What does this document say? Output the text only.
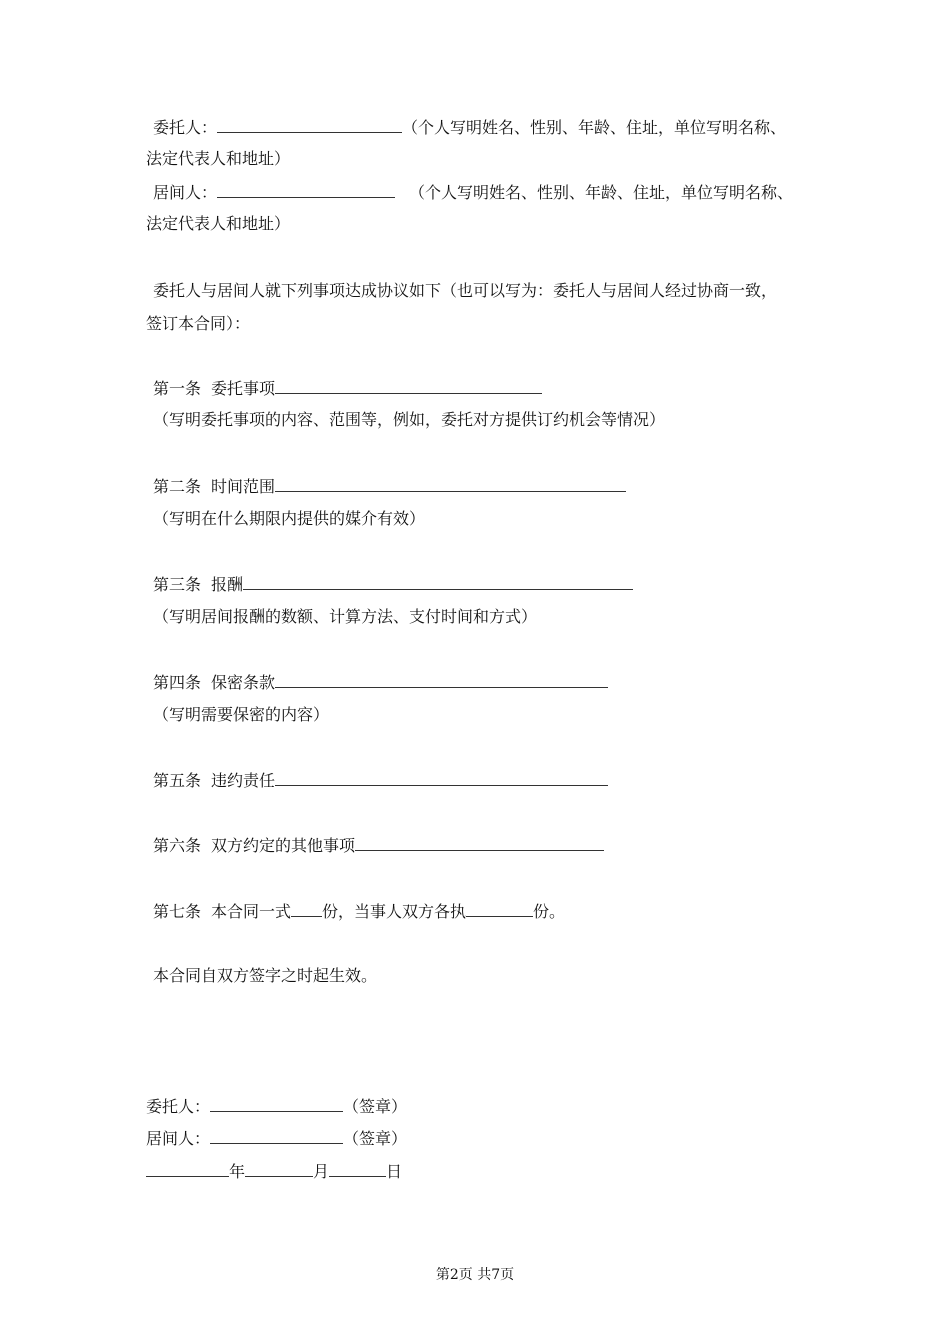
委托人：	（个人写明姓名、性别、年龄、住址，单位写明名称、
法定代表人和地址）
居间人：	（个人写明姓名、性别、年龄、住址，单位写明名称、
法定代表人和地址）
委托人与居间人就下列事项达成协议如下（也可以写为：委托人与居间人经过协商一致，
签订本合同）：
第一条 委托事项
（写明委托事项的内容、范围等，例如，委托对方提供订约机会等情况）
第二条 时间范围
（写明在什么期限内提供的媒介有效）
第三条 报酬
（写明居间报酬的数额、计算方法、支付时间和方式）
第四条 保密条款
（写明需要保密的内容）
第五条 违约责任
第六条 双方约定的其他事项
第七条 本合同一式 份，当事人双方各执	份。
本合同自双方签字之时起生效。
委托人：	（签章）
居间人：	（签章）
年	月	日
第2页 共7页
